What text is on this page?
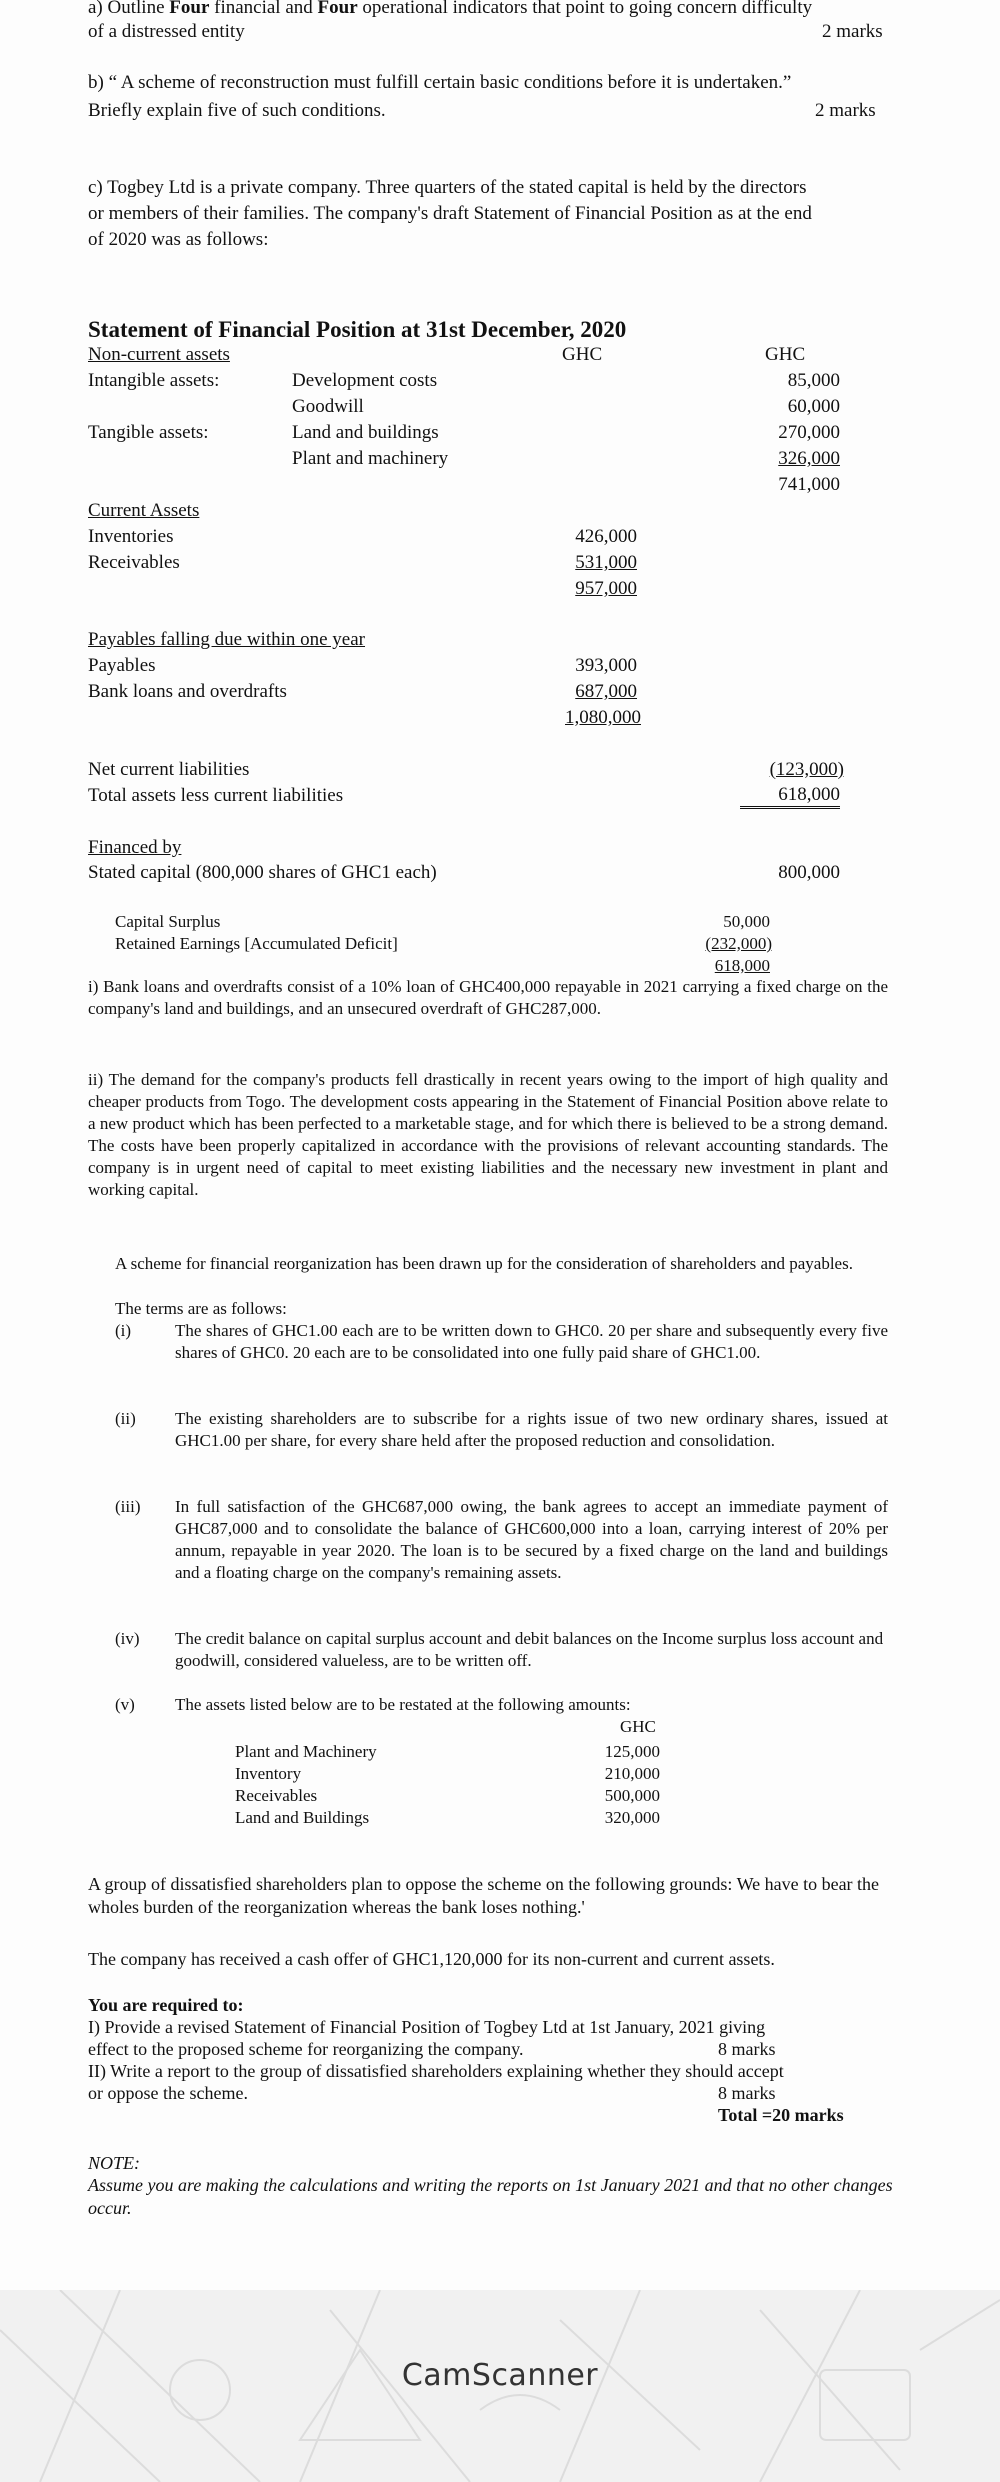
a) Outline Four financial and Four operational indicators that point to going concern difficulty
of a distressed entity	2 marks
b) “ A scheme of reconstruction must fulfill certain basic conditions before it is undertaken.”
Briefly explain five of such conditions.	2 marks
c) Togbey Ltd is a private company. Three quarters of the stated capital is held by the directors
or members of their families. The company's draft Statement of Financial Position as at the end
of 2020 was as follows:
Statement of Financial Position at 31st December, 2020
Non-current assets	GHC	GHC
Intangible assets:	Development costs	85,000
Goodwill	60,000
Tangible assets:	Land and buildings	270,000
Plant and machinery	326,000
741,000
Current Assets
Inventories	426,000
Receivables	531,000
957,000
Payables falling due within one year
Payables	393,000
Bank loans and overdrafts	687,000
1,080,000
Net current liabilities	(123,000)
Total assets less current liabilities	618,000
Financed by
Stated capital (800,000 shares of GHC1 each)	800,000
Capital Surplus	50,000
Retained Earnings [Accumulated Deficit]	(232,000)
618,000
i) Bank loans and overdrafts consist of a 10% loan of GHC400,000 repayable in 2021 carrying a fixed charge on the company's land and buildings, and an unsecured overdraft of GHC287,000.
ii) The demand for the company's products fell drastically in recent years owing to the import of high quality and cheaper products from Togo. The development costs appearing in the Statement of Financial Position above relate to a new product which has been perfected to a marketable stage, and for which there is believed to be a strong demand. The costs have been properly capitalized in accordance with the provisions of relevant accounting standards. The company is in urgent need of capital to meet existing liabilities and the necessary new investment in plant and working capital.
A scheme for financial reorganization has been drawn up for the consideration of shareholders and payables.
The terms are as follows:
(i)	The shares of GHC1.00 each are to be written down to GHC0. 20 per share and subsequently every five shares of GHC0. 20 each are to be consolidated into one fully paid share of GHC1.00.
(ii) The existing shareholders are to subscribe for a rights issue of two new ordinary shares, issued at GHC1.00 per share, for every share held after the proposed reduction and consolidation.
(iii) In full satisfaction of the GHC687,000 owing, the bank agrees to accept an immediate payment of GHC87,000 and to consolidate the balance of GHC600,000 into a loan, carrying interest of 20% per annum, repayable in year 2020. The loan is to be secured by a fixed charge on the land and buildings and a floating charge on the company's remaining assets.
(iv) The credit balance on capital surplus account and debit balances on the Income surplus loss account and goodwill, considered valueless, are to be written off.
(v) The assets listed below are to be restated at the following amounts:
GHC
Plant and Machinery	125,000
Inventory	210,000
Receivables	500,000
Land and Buildings	320,000
A group of dissatisfied shareholders plan to oppose the scheme on the following grounds: We have to bear the wholes burden of the reorganization whereas the bank loses nothing.'
The company has received a cash offer of GHC1,120,000 for its non-current and current assets.
You are required to:
I) Provide a revised Statement of Financial Position of Togbey Ltd at 1st January, 2021 giving
effect to the proposed scheme for reorganizing the company.	8 marks
II) Write a report to the group of dissatisfied shareholders explaining whether they should accept
or oppose the scheme.	8 marks
Total =20 marks
NOTE:
Assume you are making the calculations and writing the reports on 1st January 2021 and that no other changes occur.
CamScanner
